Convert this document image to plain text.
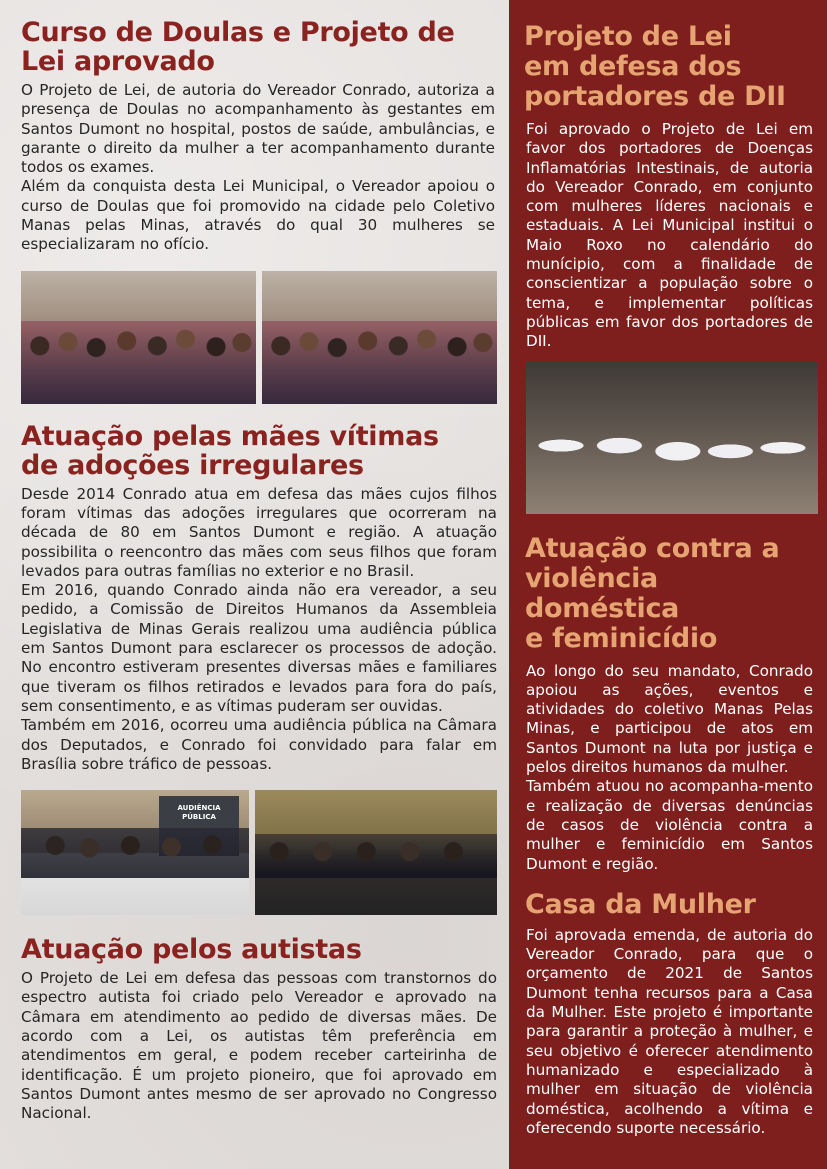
Curso de Doulas e Projeto de
Lei aprovado

O Projeto de Lei, de autoria do Vereador Conrado, autoriza a presença de Doulas no acompanhamento às gestantes em Santos Dumont no hospital, postos de saúde, ambulâncias, e garante o direito da mulher a ter acompanhamento durante todos os exames.

Além da conquista desta Lei Municipal, o Vereador apoiou o curso de Doulas que foi promovido na cidade pelo Coletivo Manas pelas Minas, através do qual 30 mulheres se especializaram no ofício.

Atuação pelas mães vítimas
de adoções irregulares

Desde 2014 Conrado atua em defesa das mães cujos filhos foram vítimas das adoções irregulares que ocorreram na década de 80 em Santos Dumont e região. A atuação possibilita o reencontro das mães com seus filhos que foram levados para outras famílias no exterior e no Brasil.

Em 2016, quando Conrado ainda não era vereador, a seu pedido, a Comissão de Direitos Humanos da Assembleia Legislativa de Minas Gerais realizou uma audiência pública em Santos Dumont para esclarecer os processos de adoção. No encontro estiveram presentes diversas mães e familiares que tiveram os filhos retirados e levados para fora do país, sem consentimento, e as vítimas puderam ser ouvidas.

Também em 2016, ocorreu uma audiência pública na Câmara dos Deputados, e Conrado foi convidado para falar em Brasília sobre tráfico de pessoas.

AUDIÊNCIA
PÚBLICA
Atuação pelos autistas

O Projeto de Lei em defesa das pessoas com transtornos do espectro autista foi criado pelo Vereador e aprovado na Câmara em atendimento ao pedido de diversas mães. De acordo com a Lei, os autistas têm preferência em atendimentos em geral, e podem receber carteirinha de identificação. É um projeto pioneiro, que foi aprovado em Santos Dumont antes mesmo de ser aprovado no Congresso Nacional.

Projeto de Lei
em defesa dos
portadores de DII

Foi aprovado o Projeto de Lei em favor dos portadores de Doenças Inflamatórias Intestinais, de autoria do Vereador Conrado, em conjunto com mulheres líderes nacionais e estaduais. A Lei Municipal institui o Maio Roxo no calendário do munícipio, com a finalidade de conscientizar a população sobre o tema, e implementar políticas públicas em favor dos portadores de DII.

Atuação contra a
violência doméstica
e feminicídio

Ao longo do seu mandato, Conrado apoiou as ações, eventos e atividades do coletivo Manas Pelas Minas, e participou de atos em Santos Dumont na luta por justiça e pelos direitos humanos da mulher.

Também atuou no acompanha-mento e realização de diversas denúncias de casos de violência contra a mulher e feminicídio em Santos Dumont e região.

Casa da Mulher

Foi aprovada emenda, de autoria do Vereador Conrado, para que o orçamento de 2021 de Santos Dumont tenha recursos para a Casa da Mulher. Este projeto é importante para garantir a proteção à mulher, e seu objetivo é oferecer atendimento humanizado e especializado à mulher em situação de violência doméstica, acolhendo a vítima e oferecendo suporte necessário.
